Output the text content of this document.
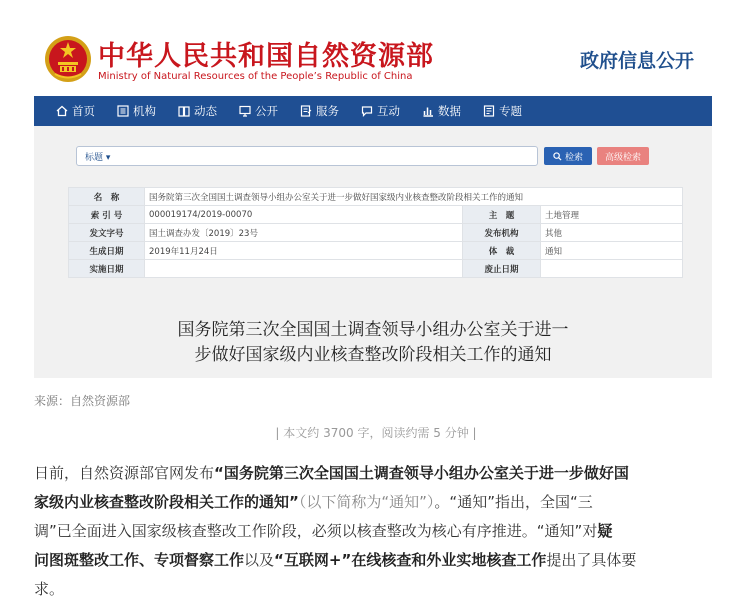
中华人民共和国自然资源部
Ministry of Natural Resources of the People’s Republic of China
政府信息公开
首页	机构	动态	公开	服务	互动	数据	专题
标题 ▾	检索	高级检索
名　称	国务院第三次全国国土调查领导小组办公室关于进一步做好国家级内业核查整改阶段相关工作的通知		
索 引 号	000019174/2019-00070	主　题	土地管理
发文字号	国土调查办发〔2019〕23号	发布机构	其他
生成日期	2019年11月24日	体　裁	通知
实施日期		废止日期	
国务院第三次全国国土调查领导小组办公室关于进一
步做好国家级内业核查整改阶段相关工作的通知
来源：自然资源部
| 本文约 3700 字，阅读约需 5 分钟 |
日前，自然资源部官网发布“国务院第三次全国国土调查领导小组办公室关于进一步做好国
家级内业核查整改阶段相关工作的通知”（以下简称为“通知”）。“通知”指出，全国“三
调”已全面进入国家级核查整改工作阶段，必须以核查整改为核心有序推进。“通知”对疑
问图斑整改工作、专项督察工作以及“互联网+”在线核查和外业实地核查工作提出了具体要
求。
